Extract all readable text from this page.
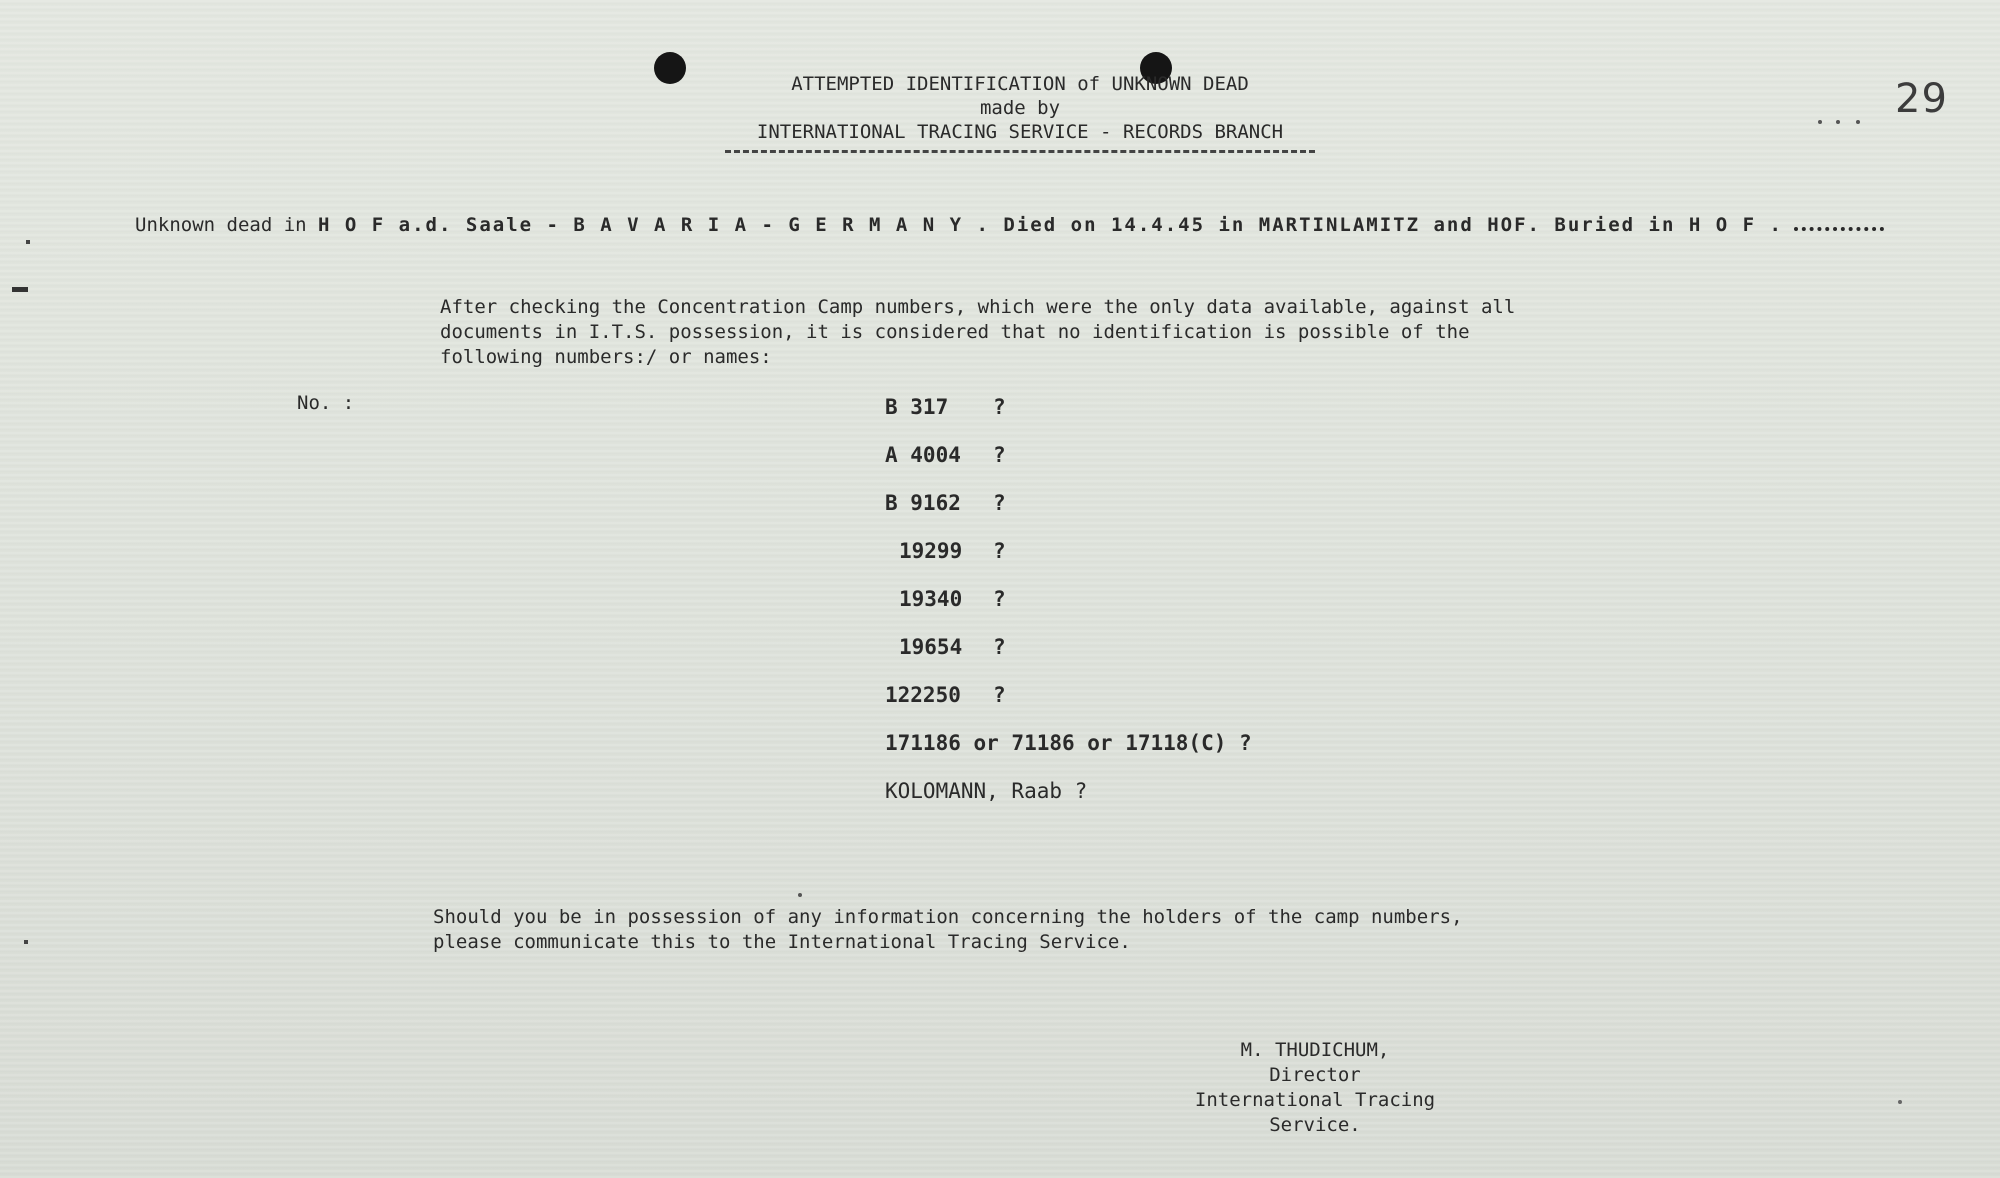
ATTEMPTED IDENTIFICATION of UNKNOWN DEAD
made by
INTERNATIONAL TRACING SERVICE - RECORDS BRANCH
29
Unknown dead in H O F a.d. Saale - B A V A R I A - G E R M A N Y . Died on 14.4.45 in MARTINLAMITZ and HOF. Buried in H O F .
After checking the Concentration Camp numbers, which were the only data available, against all
documents in I.T.S. possession, it is considered that no identification is possible of the
following numbers:/ or names:
No. :	B 317 ?
A 4004 ?
B 9162 ?
19299 ?
19340 ?
19654 ?
122250 ?
171186 or 71186 or 17118(C) ?
KOLOMANN, Raab ?
Should you be in possession of any information concerning the holders of the camp numbers,
please communicate this to the International Tracing Service.
M. THUDICHUM,
Director
International Tracing Service.
